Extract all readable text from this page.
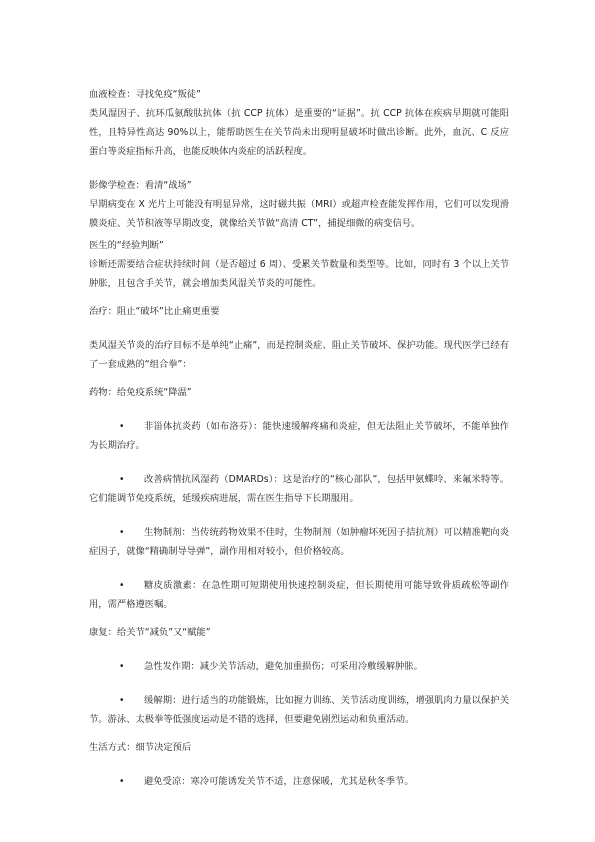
血液检查：寻找免疫“叛徒”

类风湿因子、抗环瓜氨酸肽抗体（抗 CCP 抗体）是重要的“证据”。抗 CCP 抗体在疾病早期就可能阳性，且特异性高达 90%以上，能帮助医生在关节尚未出现明显破坏时做出诊断。此外，血沉、C 反应蛋白等炎症指标升高，也能反映体内炎症的活跃程度。

影像学检查：看清“战场”

早期病变在 X 光片上可能没有明显异常，这时磁共振（MRI）或超声检查能发挥作用，它们可以发现滑膜炎症、关节积液等早期改变，就像给关节做“高清 CT”，捕捉细微的病变信号。

医生的“经验判断”

诊断还需要结合症状持续时间（是否超过 6 周）、受累关节数量和类型等。比如，同时有 3 个以上关节肿胀，且包含手关节，就会增加类风湿关节炎的可能性。

治疗：阻止“破坏”比止痛更重要

类风湿关节炎的治疗目标不是单纯“止痛”，而是控制炎症、阻止关节破坏、保护功能。现代医学已经有了一套成熟的“组合拳”：

药物：给免疫系统“降温”

• 非甾体抗炎药（如布洛芬）：能快速缓解疼痛和炎症，但无法阻止关节破坏，不能单独作为长期治疗。

• 改善病情抗风湿药（DMARDs）：这是治疗的“核心部队”，包括甲氨蝶呤、来氟米特等。它们能调节免疫系统，延缓疾病进展，需在医生指导下长期服用。

• 生物制剂：当传统药物效果不佳时，生物制剂（如肿瘤坏死因子拮抗剂）可以精准靶向炎症因子，就像“精确制导导弹”，副作用相对较小，但价格较高。

• 糖皮质激素：在急性期可短期使用快速控制炎症，但长期使用可能导致骨质疏松等副作用，需严格遵医嘱。

康复：给关节“减负”又“赋能”

• 急性发作期：减少关节活动，避免加重损伤；可采用冷敷缓解肿胀。

• 缓解期：进行适当的功能锻炼，比如握力训练、关节活动度训练，增强肌肉力量以保护关节。游泳、太极拳等低强度运动是不错的选择，但要避免剧烈运动和负重活动。

生活方式：细节决定预后

• 避免受凉：寒冷可能诱发关节不适，注意保暖，尤其是秋冬季节。
